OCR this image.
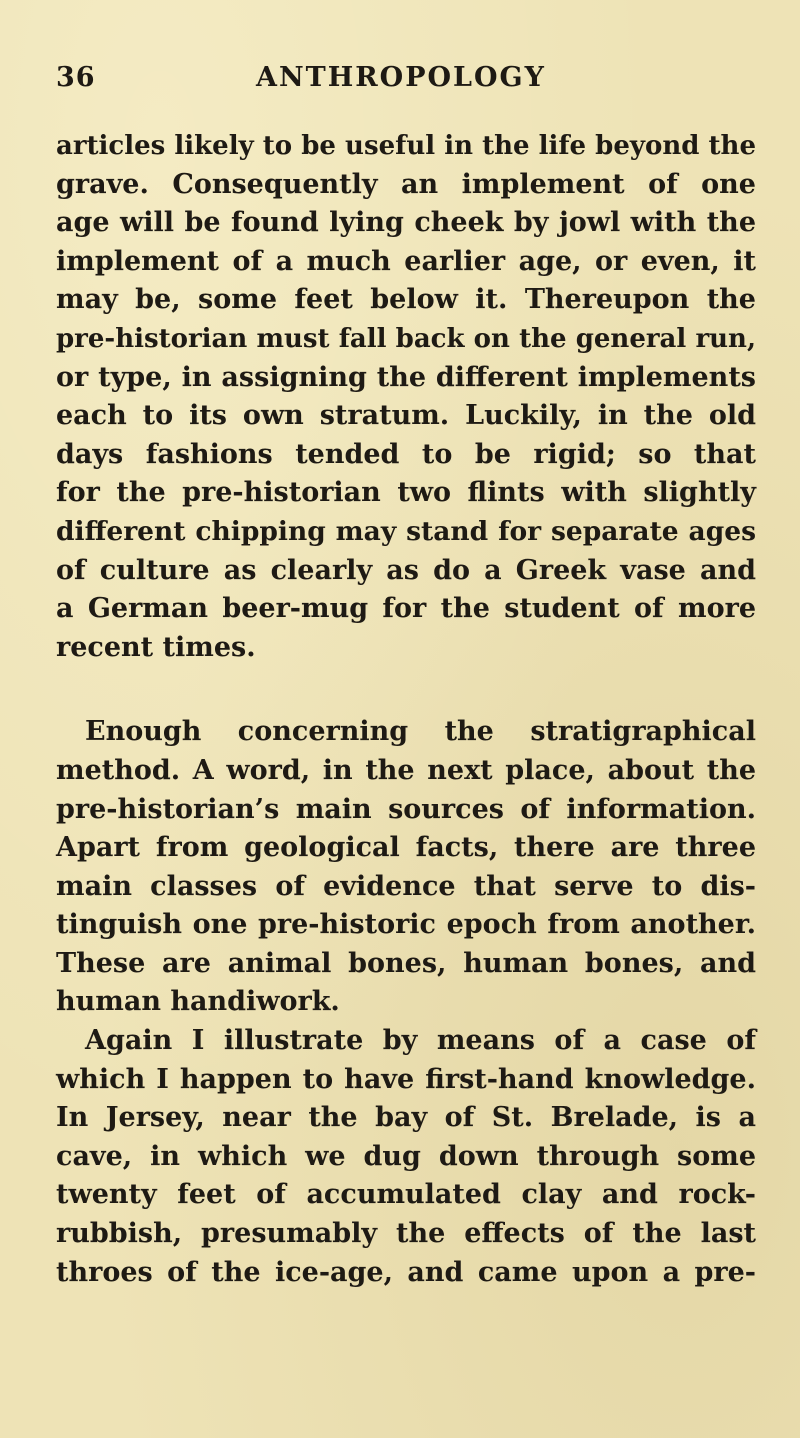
36	ANTHROPOLOGY
articles likely to be useful in the life beyond the
grave. Consequently an implement of one
age will be found lying cheek by jowl with the
implement of a much earlier age, or even, it
may be, some feet below it. Thereupon the
pre-historian must fall back on the general run,
or type, in assigning the different implements
each to its own stratum. Luckily, in the old
days fashions tended to be rigid; so that
for the pre-historian two flints with slightly
different chipping may stand for separate ages
of culture as clearly as do a Greek vase and
a German beer-mug for the student of more
recent times.
Enough concerning the stratigraphical
method. A word, in the next place, about the
pre-historian’s main sources of information.
Apart from geological facts, there are three
main classes of evidence that serve to dis-
tinguish one pre-historic epoch from another.
These are animal bones, human bones, and
human handiwork.
Again I illustrate by means of a case of
which I happen to have first-hand knowledge.
In Jersey, near the bay of St. Brelade, is a
cave, in which we dug down through some
twenty feet of accumulated clay and rock-
rubbish, presumably the effects of the last
throes of the ice-age, and came upon a pre-
